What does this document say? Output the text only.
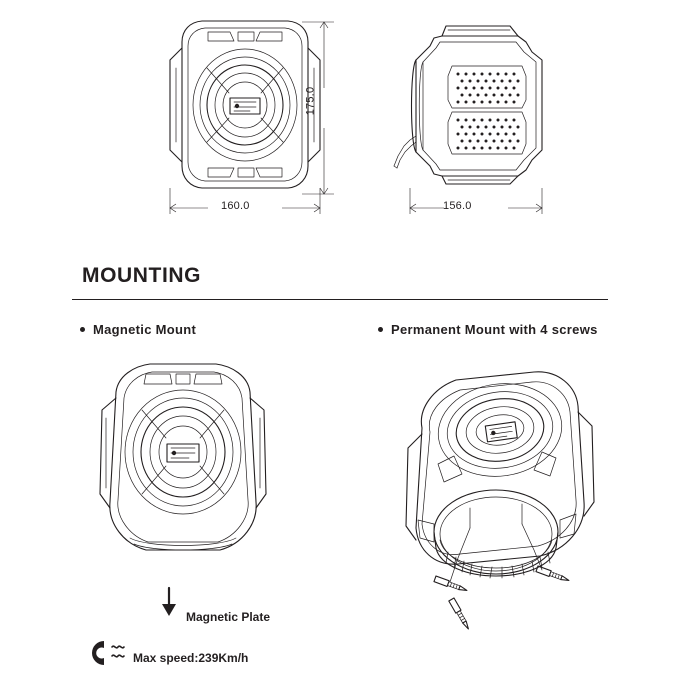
175.0
160.0	156.0
MOUNTING
Magnetic Mount	Permanent Mount with 4 screws
Magnetic Plate
Max speed:239Km/h
